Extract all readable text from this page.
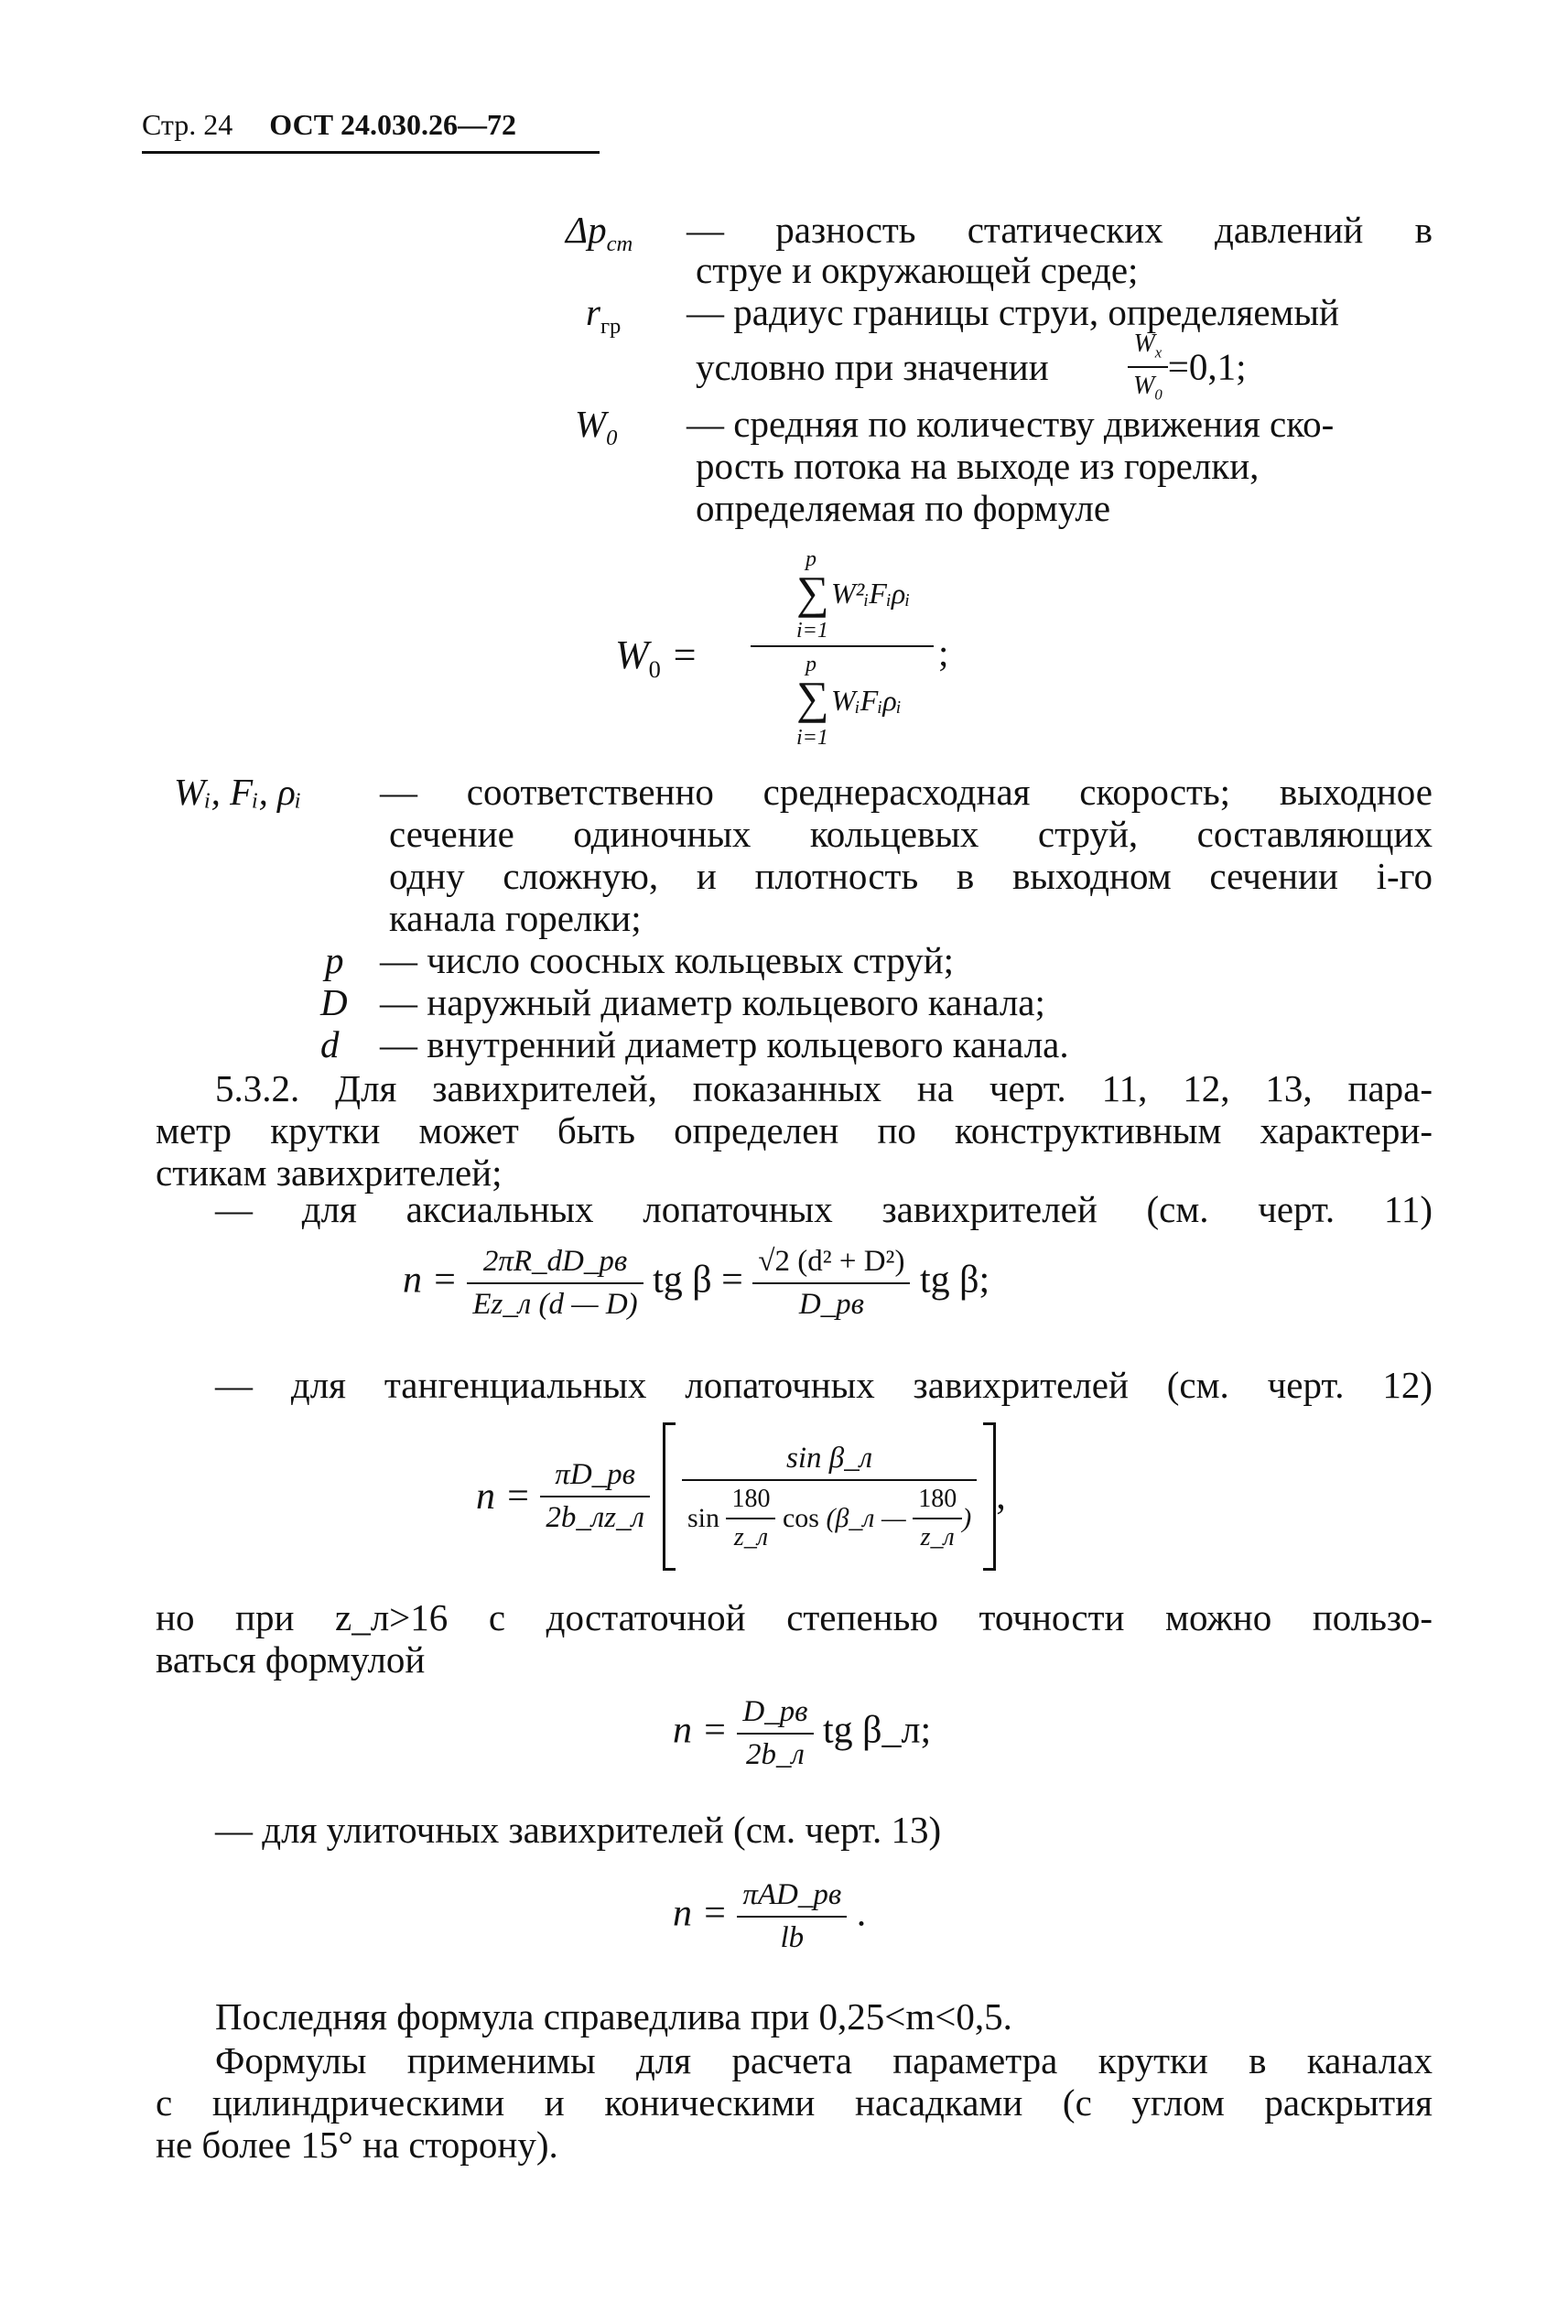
Стр. 24 ОСТ 24.030.26—72
$\Delta p_{ст}$ — разность статических давлений в
струе и окружающей среде;
$r_{гр}$ — радиус границы струи, определяемый
условно при значении	$\frac{W_x}{W_0} =0,1$;
$W_0$ — средняя по количеству движения ско-
рость потока на выходе из горелки,
определяемая по формуле
$W_0$ =
p
∑ W²ᵢFᵢρᵢ
i=1
p
∑ WᵢFᵢρᵢ
i=1
;
Wᵢ, Fᵢ, ρᵢ — соответственно среднерасходная скорость; выходное
сечение одиночных кольцевых струй, составляющих
одну сложную, и плотность в выходном сечении i-го
канала горелки;
p — число соосных кольцевых струй;
D — наружный диаметр кольцевого канала;
d — внутренний диаметр кольцевого канала.
5.3.2. Для завихрителей, показанных на черт. 11, 12, 13, пара-
метр крутки может быть определен по конструктивным характери-
стикам завихрителей;
— для аксиальных лопаточных завихрителей (см. черт. 11)
$n = \frac{2\pi R\_dD\_рв}{Ez\_л (d — D)}$ tg $\beta = \frac{\text{√2 (d² + D²)}}{D\_рв}$ tg β;
— для тангенциальных лопаточных завихрителей (см. черт. 12)
n =
$\frac{\pi D\_рв}{2b\_лz\_л}$
sin β_л
sin
$\frac{180}{z\_л}$
cos ( β_л —
$\frac{180}{z\_л}$ ) ,
но при z_л>16 с достаточной степенью точности можно пользо-
ваться формулой
$n = \frac{D\_рв}{2b\_л}$ tg β_л;
— для улиточных завихрителей (см. черт. 13)
$n = \frac{\text{πAD\_рв}}{lb}$ .
Последняя формула справедлива при 0,25<m<0,5.
Формулы применимы для расчета параметра крутки в каналах
с цилиндрическими и коническими насадками (с углом раскрытия
не более 15° на сторону).
